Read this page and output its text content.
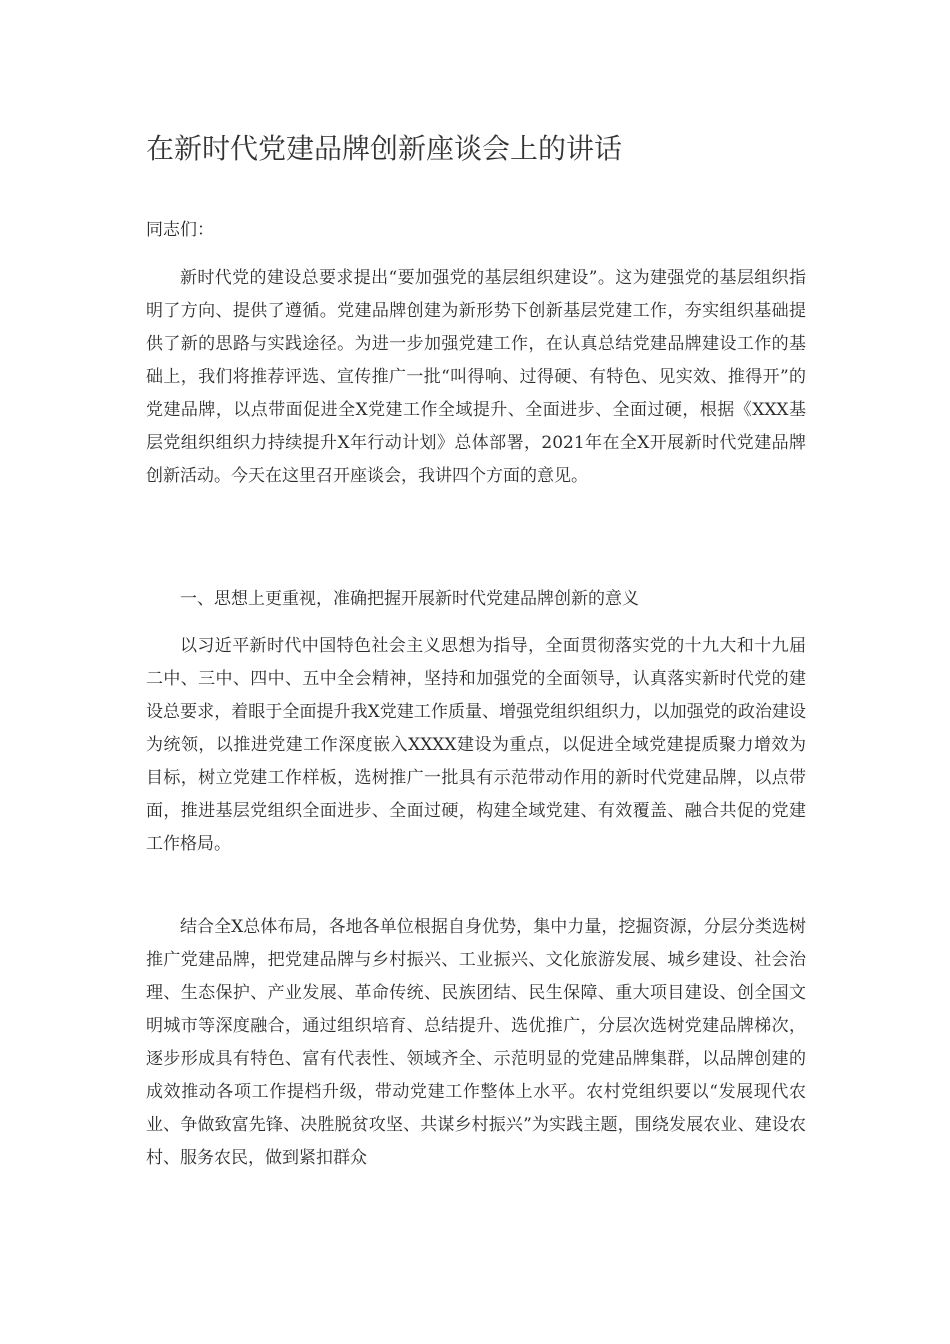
在新时代党建品牌创新座谈会上的讲话
同志们：

新时代党的建设总要求提出“要加强党的基层组织建设”。这为建强党的基层组织指明了方向、提供了遵循。党建品牌创建为新形势下创新基层党建工作，夯实组织基础提供了新的思路与实践途径。为进一步加强党建工作，在认真总结党建品牌建设工作的基础上，我们将推荐评选、宣传推广一批“叫得响、过得硬、有特色、见实效、推得开”的党建品牌，以点带面促进全X党建工作全域提升、全面进步、全面过硬，根据《XXX基层党组织组织力持续提升X年行动计划》总体部署，2021年在全X开展新时代党建品牌创新活动。今天在这里召开座谈会，我讲四个方面的意见。

一、思想上更重视，准确把握开展新时代党建品牌创新的意义

以习近平新时代中国特色社会主义思想为指导，全面贯彻落实党的十九大和十九届二中、三中、四中、五中全会精神，坚持和加强党的全面领导，认真落实新时代党的建设总要求，着眼于全面提升我X党建工作质量、增强党组织组织力，以加强党的政治建设为统领，以推进党建工作深度嵌入XXXX建设为重点，以促进全域党建提质聚力增效为目标，树立党建工作样板，选树推广一批具有示范带动作用的新时代党建品牌，以点带面，推进基层党组织全面进步、全面过硬，构建全域党建、有效覆盖、融合共促的党建工作格局。

结合全X总体布局，各地各单位根据自身优势，集中力量，挖掘资源，分层分类选树推广党建品牌，把党建品牌与乡村振兴、工业振兴、文化旅游发展、城乡建设、社会治理、生态保护、产业发展、革命传统、民族团结、民生保障、重大项目建设、创全国文明城市等深度融合，通过组织培育、总结提升、选优推广，分层次选树党建品牌梯次，逐步形成具有特色、富有代表性、领域齐全、示范明显的党建品牌集群，以品牌创建的成效推动各项工作提档升级，带动党建工作整体上水平。农村党组织要以“发展现代农业、争做致富先锋、决胜脱贫攻坚、共谋乡村振兴”为实践主题，围绕发展农业、建设农村、服务农民，做到紧扣群众
